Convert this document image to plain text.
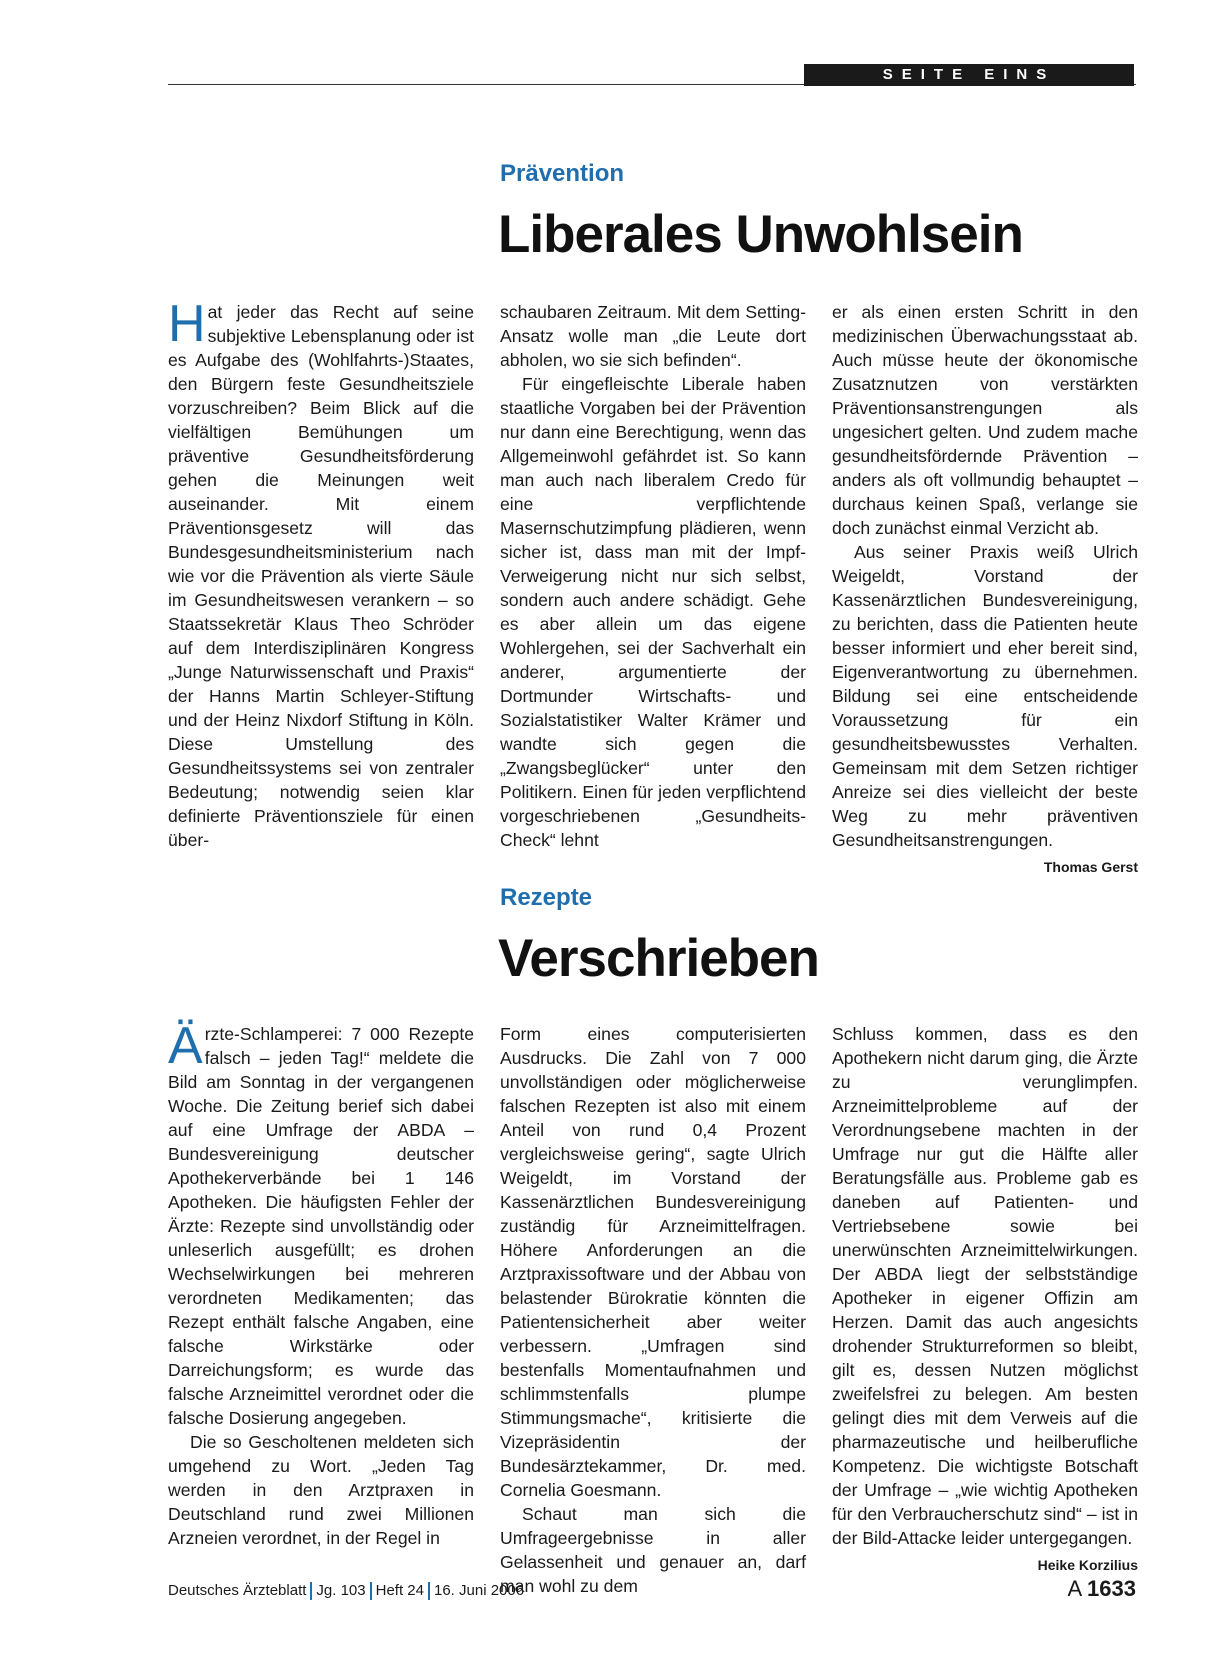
SEITE EINS
Prävention
Liberales Unwohlsein

Hat jeder das Recht auf seine subjektive Lebensplanung oder ist es Aufgabe des (Wohlfahrts-)Staates, den Bürgern feste Gesundheitsziele vorzuschreiben? Beim Blick auf die vielfältigen Bemühungen um präventive Gesundheitsförderung gehen die Meinungen weit auseinander. Mit einem Präventionsgesetz will das Bundesgesundheitsministerium nach wie vor die Prävention als vierte Säule im Gesundheitswesen verankern – so Staatssekretär Klaus Theo Schröder auf dem Interdisziplinären Kongress „Junge Naturwissenschaft und Praxis“ der Hanns Martin Schleyer-Stiftung und der Heinz Nixdorf Stiftung in Köln. Diese Umstellung des Gesundheitssystems sei von zentraler Bedeutung; notwendig seien klar definierte Präventionsziele für einen über-

schaubaren Zeitraum. Mit dem Setting-Ansatz wolle man „die Leute dort abholen, wo sie sich befinden“.

Für eingefleischte Liberale haben staatliche Vorgaben bei der Prävention nur dann eine Berechtigung, wenn das Allgemeinwohl gefährdet ist. So kann man auch nach liberalem Credo für eine verpflichtende Masernschutzimpfung plädieren, wenn sicher ist, dass man mit der Impf-Verweigerung nicht nur sich selbst, sondern auch andere schädigt. Gehe es aber allein um das eigene Wohlergehen, sei der Sachverhalt ein anderer, argumentierte der Dortmunder Wirtschafts- und Sozialstatistiker Walter Krämer und wandte sich gegen die „Zwangsbeglücker“ unter den Politikern. Einen für jeden verpflichtend vorgeschriebenen „Gesundheits-Check“ lehnt

er als einen ersten Schritt in den medizinischen Überwachungsstaat ab. Auch müsse heute der ökonomische Zusatznutzen von verstärkten Präventionsanstrengungen als ungesichert gelten. Und zudem mache gesundheitsfördernde Prävention – anders als oft vollmundig behauptet – durchaus keinen Spaß, verlange sie doch zunächst einmal Verzicht ab.

Aus seiner Praxis weiß Ulrich Weigeldt, Vorstand der Kassenärztlichen Bundesvereinigung, zu berichten, dass die Patienten heute besser informiert und eher bereit sind, Eigenverantwortung zu übernehmen. Bildung sei eine entscheidende Voraussetzung für ein gesundheitsbewusstes Verhalten. Gemeinsam mit dem Setzen richtiger Anreize sei dies vielleicht der beste Weg zu mehr präventiven Gesundheitsanstrengungen.
Thomas Gerst

Rezepte
Verschrieben

Ärzte-Schlamperei: 7 000 Rezepte falsch – jeden Tag!“ meldete die Bild am Sonntag in der vergangenen Woche. Die Zeitung berief sich dabei auf eine Umfrage der ABDA – Bundesvereinigung deutscher Apothekerverbände bei 1 146 Apotheken. Die häufigsten Fehler der Ärzte: Rezepte sind unvollständig oder unleserlich ausgefüllt; es drohen Wechselwirkungen bei mehreren verordneten Medikamenten; das Rezept enthält falsche Angaben, eine falsche Wirkstärke oder Darreichungsform; es wurde das falsche Arzneimittel verordnet oder die falsche Dosierung angegeben.

Die so Gescholtenen meldeten sich umgehend zu Wort. „Jeden Tag werden in den Arztpraxen in Deutschland rund zwei Millionen Arzneien verordnet, in der Regel in

Form eines computerisierten Ausdrucks. Die Zahl von 7 000 unvollständigen oder möglicherweise falschen Rezepten ist also mit einem Anteil von rund 0,4 Prozent vergleichsweise gering“, sagte Ulrich Weigeldt, im Vorstand der Kassenärztlichen Bundesvereinigung zuständig für Arzneimittelfragen. Höhere Anforderungen an die Arztpraxissoftware und der Abbau von belastender Bürokratie könnten die Patientensicherheit aber weiter verbessern. „Umfragen sind bestenfalls Momentaufnahmen und schlimmstenfalls plumpe Stimmungsmache“, kritisierte die Vizepräsidentin der Bundesärztekammer, Dr. med. Cornelia Goesmann.

Schaut man sich die Umfrageergebnisse in aller Gelassenheit und genauer an, darf man wohl zu dem

Schluss kommen, dass es den Apothekern nicht darum ging, die Ärzte zu verunglimpfen. Arzneimittelprobleme auf der Verordnungsebene machten in der Umfrage nur gut die Hälfte aller Beratungsfälle aus. Probleme gab es daneben auf Patienten- und Vertriebsebene sowie bei unerwünschten Arzneimittelwirkungen. Der ABDA liegt der selbstständige Apotheker in eigener Offizin am Herzen. Damit das auch angesichts drohender Strukturreformen so bleibt, gilt es, dessen Nutzen möglichst zweifelsfrei zu belegen. Am besten gelingt dies mit dem Verweis auf die pharmazeutische und heilberufliche Kompetenz. Die wichtigste Botschaft der Umfrage – „wie wichtig Apotheken für den Verbraucherschutz sind“ – ist in der Bild-Attacke leider untergegangen.
Heike Korzilius

Deutsches Ärzteblatt Jg. 103 Heft 24 16. Juni 2006	A 1633
